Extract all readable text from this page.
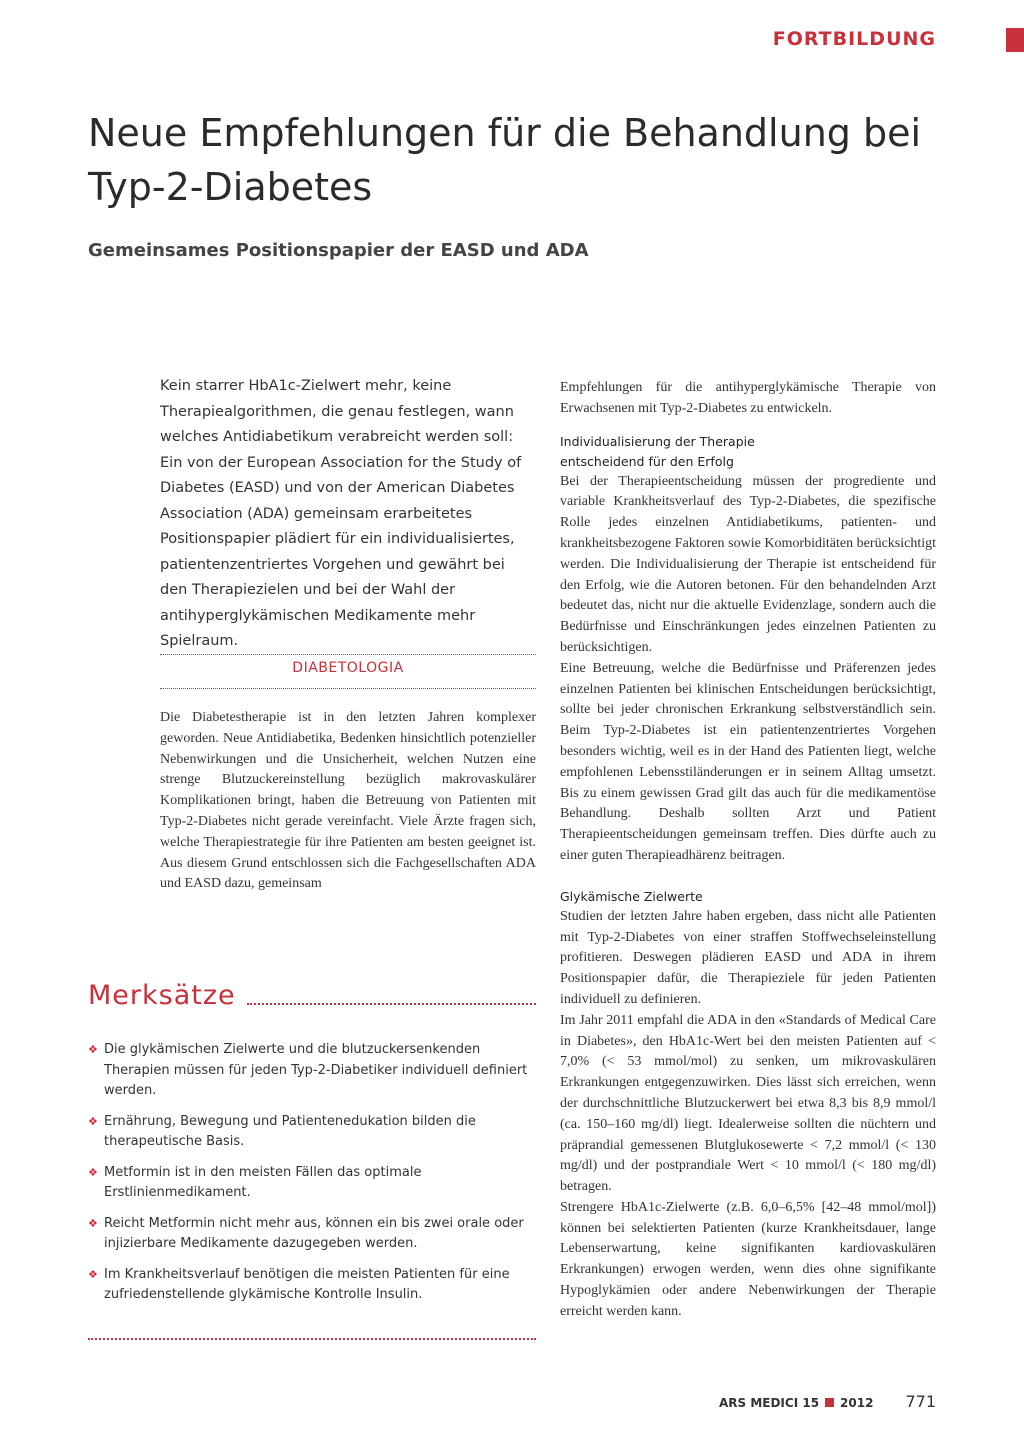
FORTBILDUNG
Neue Empfehlungen für die Behandlung bei Typ-2-Diabetes
Gemeinsames Positionspapier der EASD und ADA

Kein starrer HbA1c-Zielwert mehr, keine Therapiealgorithmen, die genau festlegen, wann welches Antidiabetikum verabreicht werden soll: Ein von der European Association for the Study of Diabetes (EASD) und von der American Diabetes Association (ADA) gemeinsam erarbeitetes Positionspapier plädiert für ein individualisiertes, patientenzentriertes Vorgehen und gewährt bei den Therapiezielen und bei der Wahl der antihyperglykämischen Medikamente mehr Spielraum.

DIABETOLOGIA

Die Diabetestherapie ist in den letzten Jahren komplexer geworden. Neue Antidiabetika, Bedenken hinsichtlich potenzieller Nebenwirkungen und die Unsicherheit, welchen Nutzen eine strenge Blutzuckereinstellung bezüglich makrovaskulärer Komplikationen bringt, haben die Betreuung von Patienten mit Typ-2-Diabetes nicht gerade vereinfacht. Viele Ärzte fragen sich, welche Therapiestrategie für ihre Patienten am besten geeignet ist. Aus diesem Grund entschlossen sich die Fachgesellschaften ADA und EASD dazu, gemeinsam

Merksätze
❖ Die glykämischen Zielwerte und die blutzuckersenkenden Therapien müssen für jeden Typ-2-Diabetiker individuell definiert werden.
❖ Ernährung, Bewegung und Patientenedukation bilden die therapeutische Basis.
❖ Metformin ist in den meisten Fällen das optimale Erstlinienmedikament.
❖ Reicht Metformin nicht mehr aus, können ein bis zwei orale oder injizierbare Medikamente dazugegeben werden.
❖ Im Krankheitsverlauf benötigen die meisten Patienten für eine zufriedenstellende glykämische Kontrolle Insulin.

Empfehlungen für die antihyperglykämische Therapie von Erwachsenen mit Typ-2-Diabetes zu entwickeln.

Individualisierung der Therapie
entscheidend für den Erfolg

Bei der Therapieentscheidung müssen der progrediente und variable Krankheitsverlauf des Typ-2-Diabetes, die spezifische Rolle jedes einzelnen Antidiabetikums, patienten- und krankheitsbezogene Faktoren sowie Komorbiditäten berücksichtigt werden. Die Individualisierung der Therapie ist entscheidend für den Erfolg, wie die Autoren betonen. Für den behandelnden Arzt bedeutet das, nicht nur die aktuelle Evidenzlage, sondern auch die Bedürfnisse und Einschränkungen jedes einzelnen Patienten zu berücksichtigen.

Eine Betreuung, welche die Bedürfnisse und Präferenzen jedes einzelnen Patienten bei klinischen Entscheidungen berücksichtigt, sollte bei jeder chronischen Erkrankung selbstverständlich sein. Beim Typ-2-Diabetes ist ein patientenzentriertes Vorgehen besonders wichtig, weil es in der Hand des Patienten liegt, welche empfohlenen Lebensstiländerungen er in seinem Alltag umsetzt. Bis zu einem gewissen Grad gilt das auch für die medikamentöse Behandlung. Deshalb sollten Arzt und Patient Therapieentscheidungen gemeinsam treffen. Dies dürfte auch zu einer guten Therapieadhärenz beitragen.

Glykämische Zielwerte

Studien der letzten Jahre haben ergeben, dass nicht alle Patienten mit Typ-2-Diabetes von einer straffen Stoffwechseleinstellung profitieren. Deswegen plädieren EASD und ADA in ihrem Positionspapier dafür, die Therapieziele für jeden Patienten individuell zu definieren.

Im Jahr 2011 empfahl die ADA in den «Standards of Medical Care in Diabetes», den HbA1c-Wert bei den meisten Patienten auf < 7,0% (< 53 mmol/mol) zu senken, um mikrovaskulären Erkrankungen entgegenzuwirken. Dies lässt sich erreichen, wenn der durchschnittliche Blutzuckerwert bei etwa 8,3 bis 8,9 mmol/l (ca. 150–160 mg/dl) liegt. Idealerweise sollten die nüchtern und präprandial gemessenen Blutglukosewerte < 7,2 mmol/l (< 130 mg/dl) und der postprandiale Wert < 10 mmol/l (< 180 mg/dl) betragen.

Strengere HbA1c-Zielwerte (z.B. 6,0–6,5% [42–48 mmol/mol]) können bei selektierten Patienten (kurze Krankheitsdauer, lange Lebenserwartung, keine signifikanten kardiovaskulären Erkrankungen) erwogen werden, wenn dies ohne signifikante Hypoglykämien oder andere Nebenwirkungen der Therapie erreicht werden kann.

ARS MEDICI 15 2012 771
